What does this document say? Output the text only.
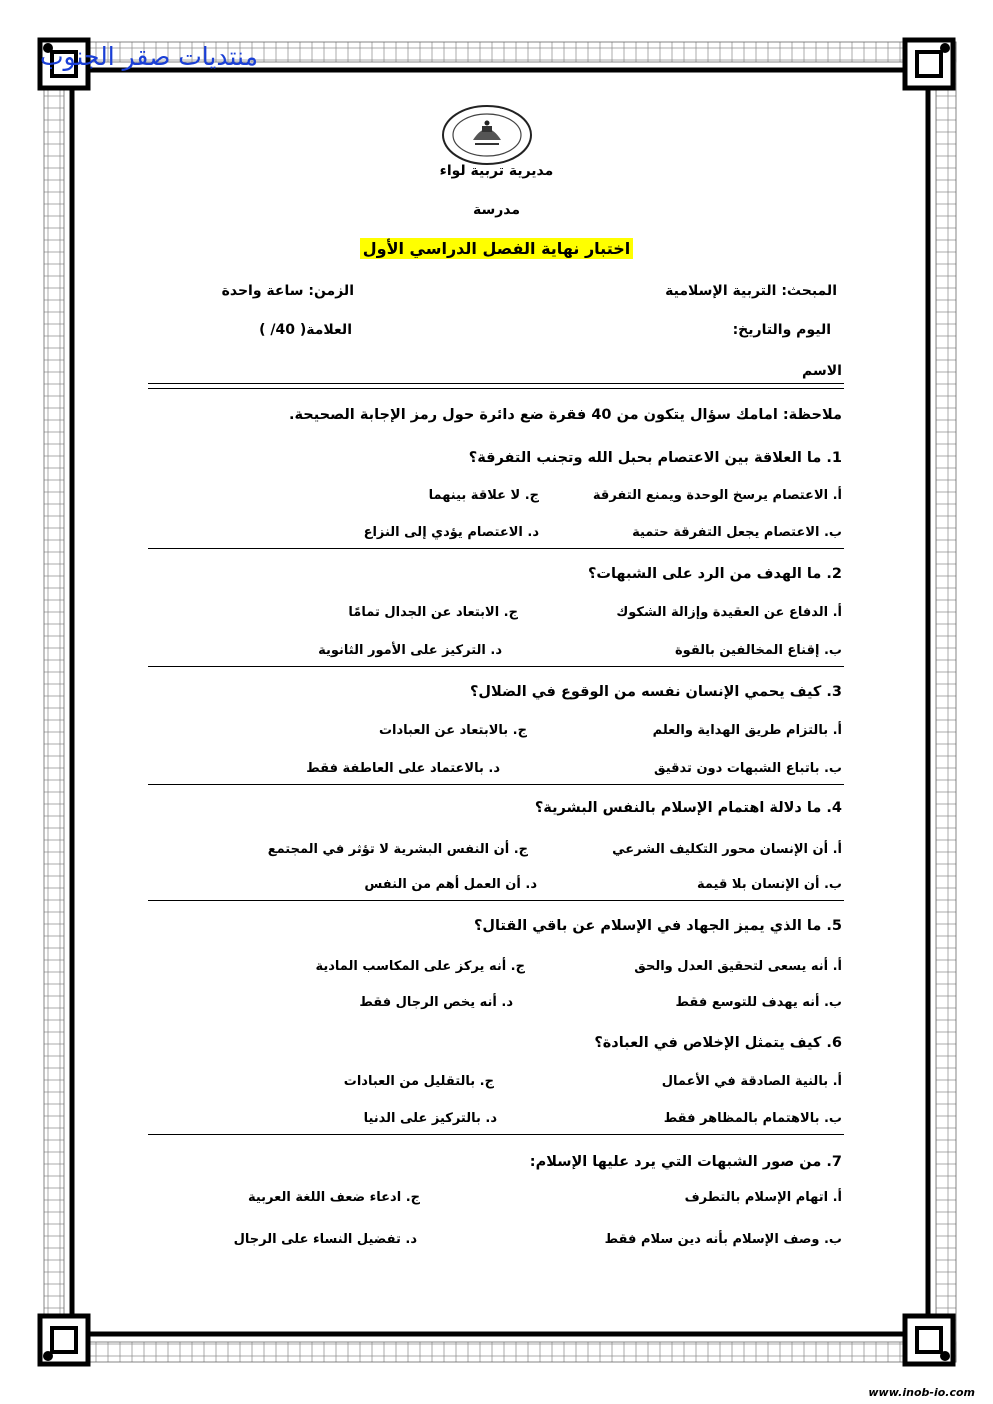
منتديات صقر الجنوب
مديرية تربية لواء
مدرسة
اختبار نهاية الفصل الدراسي الأول
المبحث: التربية الإسلامية
الزمن: ساعة واحدة
اليوم والتاريخ:
العلامة( 40/ )
الاسم
ملاحظة: امامك سؤال يتكون من 40 فقرة ضع دائرة حول رمز الإجابة الصحيحة.
1. ما العلاقة بين الاعتصام بحبل الله وتجنب التفرقة؟
أ. الاعتصام يرسخ الوحدة ويمنع التفرقة
ج. لا علاقة بينهما
ب. الاعتصام يجعل التفرقة حتمية
د. الاعتصام يؤدي إلى النزاع
2. ما الهدف من الرد على الشبهات؟
أ. الدفاع عن العقيدة وإزالة الشكوك
ج. الابتعاد عن الجدال تمامًا
ب. إقناع المخالفين بالقوة
د. التركيز على الأمور الثانوية
3. كيف يحمي الإنسان نفسه من الوقوع في الضلال؟
أ. بالتزام طريق الهداية والعلم
ج. بالابتعاد عن العبادات
ب. باتباع الشبهات دون تدقيق
د. بالاعتماد على العاطفة فقط
4. ما دلالة اهتمام الإسلام بالنفس البشرية؟
أ. أن الإنسان محور التكليف الشرعي
ج. أن النفس البشرية لا تؤثر في المجتمع
ب. أن الإنسان بلا قيمة
د. أن العمل أهم من النفس
5. ما الذي يميز الجهاد في الإسلام عن باقي القتال؟
أ. أنه يسعى لتحقيق العدل والحق
ج. أنه يركز على المكاسب المادية
ب. أنه يهدف للتوسع فقط
د. أنه يخص الرجال فقط
6. كيف يتمثل الإخلاص في العبادة؟
أ. بالنية الصادقة في الأعمال
ج. بالتقليل من العبادات
ب. بالاهتمام بالمظاهر فقط
د. بالتركيز على الدنيا
7. من صور الشبهات التي يرد عليها الإسلام:
أ. اتهام الإسلام بالتطرف
ج. ادعاء ضعف اللغة العربية
ب. وصف الإسلام بأنه دين سلام فقط
د. تفضيل النساء على الرجال
www.inob-io.com
